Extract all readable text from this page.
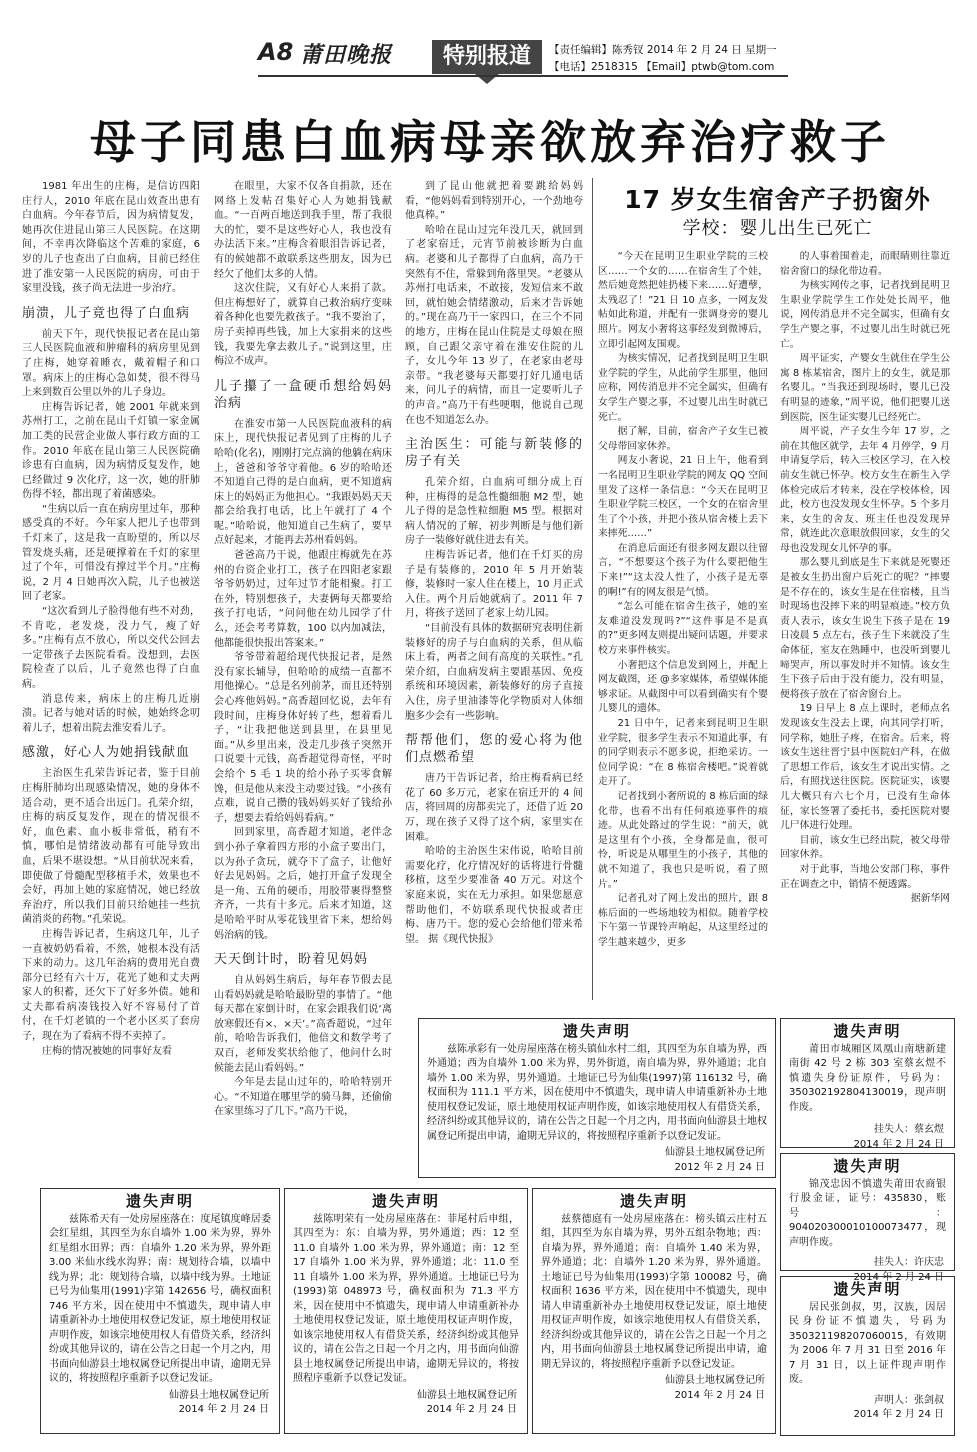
A8 莆田晚报	特别报道	【责任编辑】陈秀钗 2014 年 2 月 24 日 星期一
【电话】2518315 【Email】ptwb@tom.com
母子同患白血病母亲欲放弃治疗救子

1981 年出生的庄梅，是信访四阳庄行人，2010 年底在昆山效查出患有白血病。今年春节后，因为病情复发，她再次住进昆山第三人民医院。在这期间，不幸再次降临这个苦难的家庭，6 岁的儿子也查出了白血病，目前已经住进了淮安第一人民医院的病房，可由于家里没钱，孩子尚无法进一步治疗。

崩溃，儿子竟也得了白血病

前天下午，现代快报记者在昆山第三人民医院血液和肿瘤科的病房里见到了庄梅，她穿着睡衣，戴着帽子和口罩。病床上的庄梅心急如焚，很不得马上来到数百公里以外的儿子身边。

庄梅告诉记者，她 2001 年就来到苏州打工，之前在昆山千灯镇一家金属加工类的民营企业做人事行政方面的工作。2010 年底在昆山第三人民医院确诊患有白血病，因为病情反复发作，她已经做过 9 次化疗，这一次，她的肝肺伤得不轻，都出现了着菌感染。

“生病以后一直在病房里过年，那种感受真的不好。今年家人把儿子也带到千灯来了，这是我一直盼望的，所以尽管发烧头痛，还是硬撑着在千灯的家里过了个年，可惜没有撑过半个月。”庄梅说，2 月 4 日她再次入院，儿子也被送回了老家。

“这次看到儿子脸得他有些不对劲，不肯吃，老发烧，没力气，瘦了好多。”庄梅有点不放心，所以交代公回去一定带孩子去医院看看。没想到，去医院检查了以后，儿子竟然也得了白血病。

消息传来，病床上的庄梅几近崩溃。记者与她对话的时候，她始终念叨着儿子，想着出院去淮安看儿子。

感激，好心人为她捐钱献血

主治医生孔荣告诉记者，鉴于目前庄梅肝肺均出现感染情况，她的身体不适合动，更不适合出远门。孔荣介绍，庄梅的病反复发作，现在的情况很不好，血色素、血小板非常低，稍有不慎，哪怕是情绪波动都有可能导致出血，后果不堪设想。“从目前状况来看，即使做了骨髓配型移植手术，效果也不会好，再加上她的家庭情况，她已经放弃治疗，所以我们目前只给她挂一些抗菌消炎的药物。”孔荣说。

庄梅告诉记者，生病这几年，儿子一直被奶奶看着，不然，她根本没有活下来的动力。这几年治病的费用光自费部分已经有六十万，花光了她和丈夫两家人的积蓄，还欠下了好多外债。她和丈夫都看病凑钱投入好不容易付了首付，在千灯老镇的一个老小区买了套房子，现在为了看病不得不卖掉了。

庄梅的情况被她的同事好友看

在眼里，大家不仅各自捐款，还在网络上发帖召集好心人为她捐钱献血。“一百两百地送到我手里，帮了我很大的忙，要不是这些好心人，我也没有办法活下来。”庄梅含着眼泪告诉记者，有的候她都不敢联系这些朋友，因为已经欠了他们太多的人情。

这次住院，又有好心人来捐了款。但庄梅想好了，就算自己救治病疗变味着各种化也要先救孩子。“我不要治了，房子卖掉再些钱，加上大家捐来的这些钱，我要先拿去救儿子。”说到这里，庄梅泣不成声。

儿子攥了一盒硬币想给妈妈治病

在淮安市第一人民医院血液科的病床上，现代快报记者见到了庄梅的儿子哈哈(化名)，刚刚打完点滴的他躺在病床上，爸爸和爷爷守着他。6 岁的哈哈还不知道自己得的是白血病，更不知道病床上的妈妈正为他担心。“我跟妈妈天天都会给我打电话，比上午就打了 4 个呢。”哈哈说，他知道自己生病了，要早点好起来，才能再去苏州看妈妈。

爸爸高乃干说，他跟庄梅就先在苏州的台资企业打工，孩子在四阳老家跟爷爷奶奶过，过年过节才能相聚。打工在外，特别想孩子，夫妻俩每天都要给孩子打电话，“问问他在幼儿园学了什么，还会考考算数，100 以内加减法，他都能很快报出答案来。”

爷爷带着超给现代快报记者，是然没有家长辅导，但哈哈的成绩一直都不用他操心。“总是名列前茅，而且还特别会心疼他妈妈。”高香超回忆说，去年有段时间，庄梅身体好转了些，想着看儿子，“让我把他送到县里，在县里见面。”从乡里出来，没走几步孩子突然开口说要十元钱，高香超觉得奇怪，平时会给个 5 毛 1 块的给小孙子买零食解馋，但是他从来没主动要过钱。“小孩有点难，说自己攒的钱妈妈买好了钱给孙子，想要去看给妈妈看病。”

回到家里，高香超才知道，老伴念到小孙子拿着四方形的小盒子要出门，以为孙子贪玩，就夺下了盒子，让他好好去见妈妈。之后，她打开盒子发现全是一角、五角的硬币，用胶带裹得整整齐齐，一共有十多元。后来才知道，这是哈哈平时从零花钱里省下来，想给妈妈治病的钱。

天天倒计时，盼着见妈妈

自从妈妈生病后，每年春节假去昆山看妈妈就是哈哈最盼望的事情了。“他每天都在家倒计时，在家会跟我们说‘离放寒假还有×、×天’。”高香超说，“过年前，哈哈告诉我们，他倍文和数学考了双百，老师发奖状给他了，他问什么时候能去昆山看妈妈。”

今年是去昆山过年的，哈哈特别开心。“不知道在哪里学的骑马舞，还偷偷在家里练习了几下。”高乃干说，

到了昆山他就把着要跳给妈妈看，“他妈妈看到特别开心，一个劲地夸他真棒。”

哈哈在昆山过完年没几天，就回到了老家宿迁，元宵节前被诊断为白血病。老婆和儿子都得了白血病，高乃干突然有不住，常躲到角落里哭。“老婆从苏州打电话来，不敢接，发短信来不敢回，就怕她会情绪激动，后来才告诉她的。”现在高乃干一家四口，在三个不同的地方，庄梅在昆山住院是丈母娘在照顾，自己跟父亲守着在淮安住院的儿子，女儿今年 13 岁了，在老家由老母亲带。“我老婆每天都要打好几通电话来，问儿子的病情，而且一定要听儿子的声音。”高乃干有些哽咽，他说自己现在也不知道怎么办。

主治医生：可能与新装修的房子有关

孔荣介绍，白血病可细分成上百种，庄梅得的是急性髓细胞 M2 型，她儿子得的是急性粒细胞 M5 型。根据对病人情况的了解，初步判断是与他们新房子一装修好就住进去有关。

庄梅告诉记者，他们在千灯买的房子是有装修的，2010 年 5 月开始装修，装修时一家人住在楼上，10 月正式入住。两个月后她就病了。2011 年 7 月，将孩子送回了老家上幼儿园。

“目前没有具体的数据研究表明住新装修好的房子与白血病的关系，但从临床上看，两者之间有高度的关联性。”孔荣介绍，白血病发病主要跟基因、免疫系统和环境因素，新装修好的房子直接入住，房子里油漆等化学物质对人体细胞多少会有一些影响。

帮帮他们，您的爱心将为他们点燃希望

唐乃干告诉记者，给庄梅看病已经花了 60 多万元，老家在宿迁开的 4 间店，将回周的房都卖完了，还借了近 20 万，现在孩子又得了这个病，家里实在困难。

哈哈的主治医生宋伟说，哈哈目前需要化疗，化疗情况好的话将进行骨髓移植，这至少要准备 40 万元。对这个家庭来说，实在无力承担。如果您愿意帮助他们，不妨联系现代快报或者庄梅、唐乃干。您的爱心会给他们带来希望。 据《现代快报》

17 岁女生宿舍产子扔窗外
学校：婴儿出生已死亡

“今天在昆明卫生职业学院的三校区……一个女的……在宿舍生了个娃，然后她竟然把娃扔楼下来……好遭孽，太残忍了！”21 日 10 点多，一网友发帖如此称道，并配有一张调身旁的婴儿照片。网友小奢将这事经发到微博后，立即引起网友围观。

为核实情况，记者找到昆明卫生职业学院的学生，从此前学生那里，他回应称，网传消息并不完全属实，但确有女学生产婴之事，不过婴儿出生时就已死亡。

据了解，目前，宿舍产子女生已被父母带回家休养。

网友小奢说，21 日上午，他看到一名昆明卫生职业学院的网友 QQ 空间里发了这样一条信息：“今天在昆明卫生职业学院三校区，一个女的在宿舍里生了个小孩，并把小孩从宿舍楼上丢下来摔死……”

在消息后面还有很多网友跟以往留言，“不想要这个孩子为什么要把他生下来!”“这太没人性了，小孩子是无辜的啊!”有的网友很是气愤。

“怎么可能在宿舍生孩子，她的室友难道没发现吗?”“这件事是不是真的?”更多网友则提出疑问话题，并要求校方来事件核实。

小奢把这个信息发到网上，并配上网友截图，还 @多家媒体，希望媒体能够求证。从截图中可以看到确实有个婴儿婴儿的遗体。

21 日中午，记者来到昆明卫生职业学院，很多学生表示不知道此事，有的同学则表示不愿多说，拒绝采访。一位同学说：“在 8 栋宿舍楼吧。”说着就走开了。

记者找到小奢所说的 8 栋后面的绿化带，也看不出有任何痕迹事件的痕迹。从此处路过的学生说：“前天，就是这里有个小孩，全身都是血，很可怜，听说是从哪里生的小孩子，其他的就不知道了，我也只是听说，看了照片。”

记者孔对了网上发出的照片，跟 8 栋后面的一些场地较为相似。随着学校下午第一节课铃声响起，从这里经过的学生越来越少，更多

的人事着围着走，而眼睛则往靠近宿舍窗口的绿化带边看。

为核实网传之事，记者找到昆明卫生职业学院学生工作处处长周平，他说，网传消息并不完全属实，但确有女学生产婴之事，不过婴儿出生时就已死亡。

周平证实，产婴女生就住在学生公寓 8 栋某宿舍，图片上的女生，就是那名婴儿。“当我还到现场时，婴儿已没有明显的迹象，”周平说，他们把婴儿送到医院，医生证实婴儿已经死亡。

周平说，产子女生今年 17 岁，之前在其他区就学，去年 4 月停学，9 月申请复学后，转入三校区学习，在入校前女生就已怀孕。校方女生在新生入学体检完成后才转来，没在学校体检，因此，校方也没发现女生怀孕。5 个多月来，女生的舍友、班主任也没发现异常，就连此次意眼放假回家，女生的父母也没发现女儿怀孕的事。

那么婴儿到底是生下来就是死婴还是被女生扔出窗户后死亡的呢？“摔婴是不存在的，该女生是在住宿楼，且当时现场也没摔下来的明显痕迹。”校方负责人表示，该女生说生下孩子是在 19 日凌晨 5 点左右，孩子生下来就没了生命体征，室友在熟睡中，也没听到婴儿啼哭声，所以事发时并不知情。该女生生下孩子后由于没有能力，没有明显，便将孩子放在了宿舍窗台上。

19 日早上 8 点上课时，老师点名发现该女生没去上课，向其同学打听，同学称，她肚子疼，在宿舍。后来，将该女生送往晋宁县中医院妇产科，在做了思想工作后，该女生才说出实情。之后，有照找送往医院。医院证实，该婴儿大概只有六七个月，已没有生命体征，家长签署了委托书，委托医院对婴儿尸体进行处理。

目前，该女生已经出院，被父母带回家休养。

对于此事，当地公安部门称，事件正在调查之中，销情不便透露。

据新华网

遗失声明

兹陈承彩有一处房屋座落在榜头镇仙水村二组，其四至为东自墙为界，西外通道；西为自墙外 1.00 米为界，男外街道，南自墙为界，界外通道；北自墙外 1.00 米为界，男外通道。土地证已号为仙集(1997)第 116132 号，确权面积为 111.1 平方米，因在使用中不慎遗失，现申请人申请重新补办土地使用权登记发证，原土地使用权证声明作废，如该宗地使用权人有借贷关系，经济纠纷或其他异议的，请在公告之日起一个月之内，用书面向仙游县土地权属登记所提出申请，逾期无异议的，将按照程序重新予以登记发证。

仙游县土地权属登记所

2012 年 2 月 24 日

遗失声明

莆田市城厢区凤凰山南塘新建南街 42 号 2 栋 303 室蔡玄煜不慎遗失身份证原件，号码为：350302192804130019，现声明作废。

挂失人：蔡玄煜

2014 年 2 月 24 日

遗失声明

锦茂忠因不慎遗失莆田农商银行股金证，证号：435830，账号：904020300010100073477，现声明作废。

挂失人：许庆忠

2014 年 2 月 24 日

遗失声明

居民张剑叔，男，汉族，因居民身份证不慎遗失，号码为 350321198207060015，有效期为 2006 年 7 月 31 日至 2016 年 7 月 31 日，以上证件现声明作废。

声明人：张剑叔

2014 年 2 月 24 日

遗失声明

兹陈希天有一处房屋座落在：度尾镇度峰居委会红星组，其四至为东自墙外 1.00 米为界，界外红星组水田界；西：自墙外 1.20 米为界，界外距 3.00 米仙水线水沟界；南：规划待合墙，以墙中线为界；北：规划待合墙，以墙中线为界。土地证已号为仙集用(1991)字第 142656 号，确权面积 746 平方米，因在使用中不慎遗失，现申请人申请重新补办土地使用权登记发证，原土地使用权证声明作废，如该宗地使用权人有借贷关系，经济纠纷或其他异议的，请在公告之日起一个月之内，用书面向仙游县土地权属登记所提出申请，逾期无异议的，将按照程序重新予以登记发证。

仙游县土地权属登记所

2014 年 2 月 24 日

遗失声明

兹陈明荣有一处房屋座落在：菲尾村后申组，其四至为：东：自墙为界，男外通道；西：12 至 11.0 自墙外 1.00 米为界，界外通道；南：12 至 17 自墙外 1.00 米为界，界外通道；北：11.0 至 11 自墙外 1.00 米为界，界外通道。土地证已号为(1993)第 048973 号，确权面积为 71.3 平方米，因在使用中不慎遗失，现申请人申请重新补办土地使用权登记发证，原土地使用权证声明作废，如该宗地使用权人有借贷关系，经济纠纷或其他异议的，请在公告之日起一个月之内，用书面向仙游县土地权属登记所提出申请，逾期无异议的，将按照程序重新予以登记发证。

仙游县土地权属登记所

2014 年 2 月 24 日

遗失声明

兹蔡德庭有一处房屋座落在：榜头镇云庄村五组，其四至为东自墙为界，男外五组杂物地；西：自墙为界，界外通道；南：自墙外 1.40 米为界，界外通道；北：自墙外 1.20 米为界，界外通道。土地证已号为仙集用(1993)字第 100082 号，确权面积 1636 平方米，因在使用中不慎遗失，现申请人申请重新补办土地使用权登记发证，原土地使用权证声明作废，如该宗地使用权人有借贷关系，经济纠纷或其他异议的，请在公告之日起一个月之内，用书面向仙游县土地权属登记所提出申请，逾期无异议的，将按照程序重新予以登记发证。

仙游县土地权属登记所

2014 年 2 月 24 日
